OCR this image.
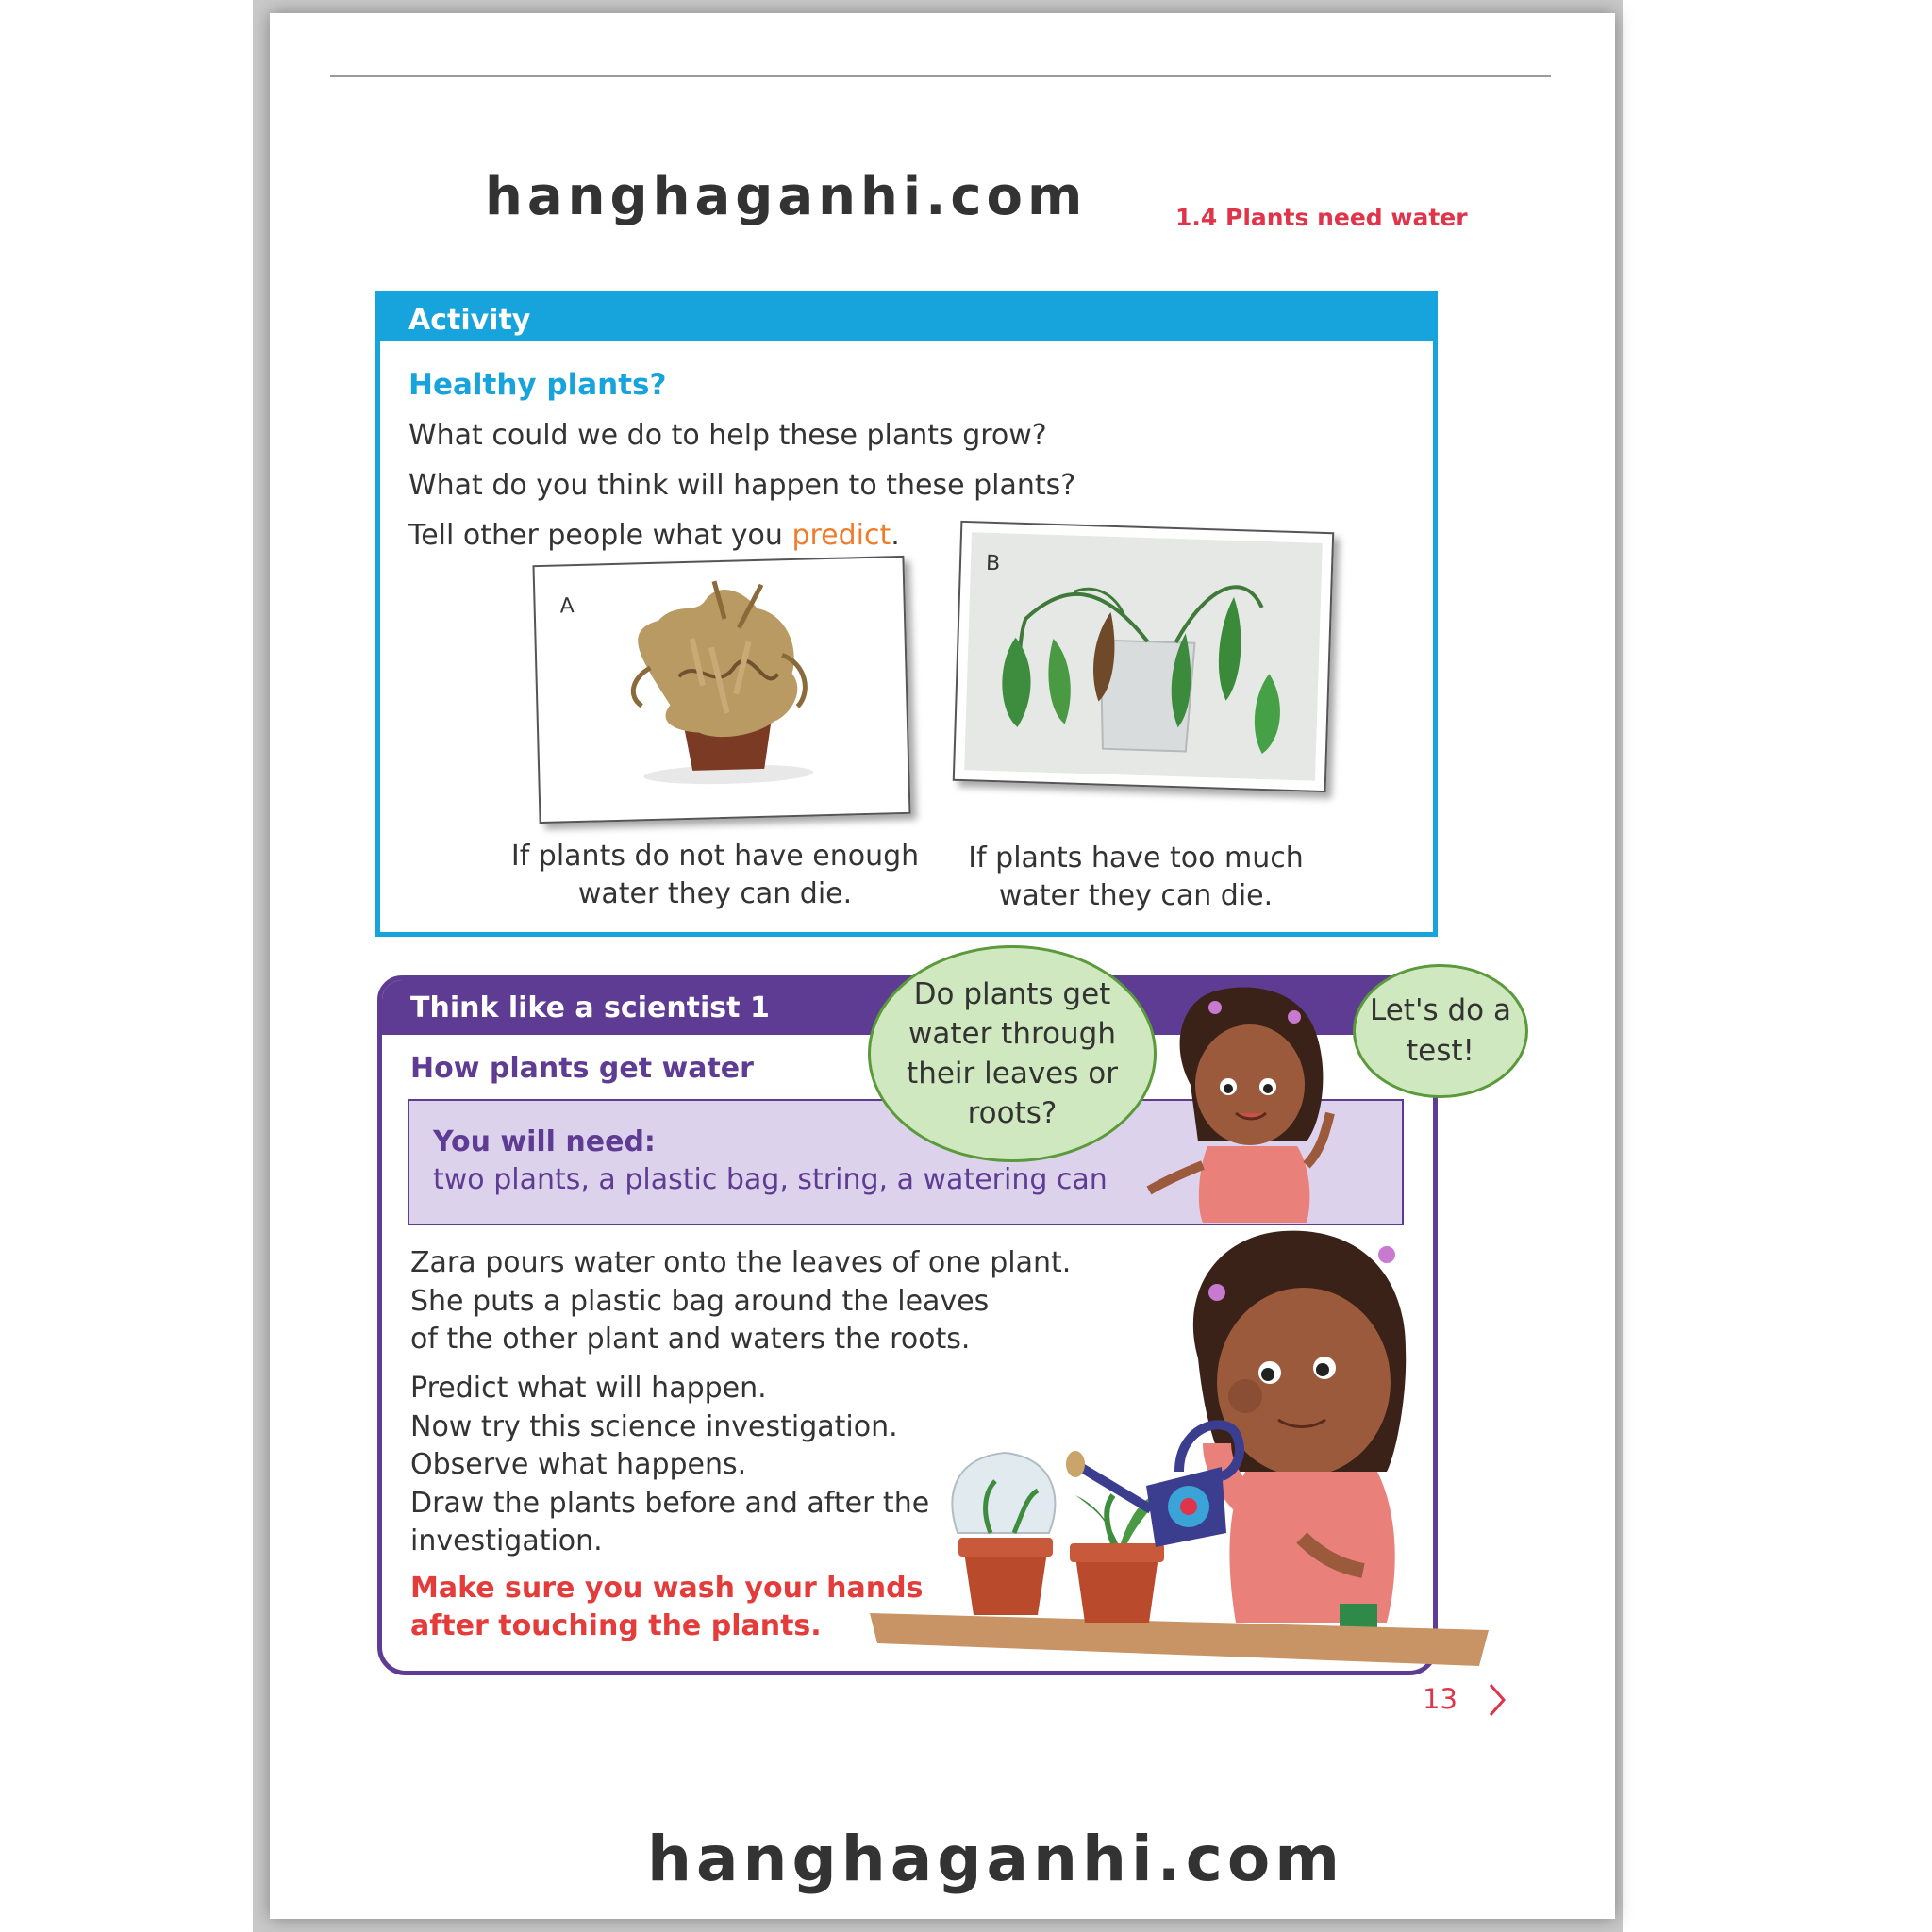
hanghaganhi.com	1.4 Plants need water
Activity
Healthy plants?
What could we do to help these plants grow?
What do you think will happen to these plants?
Tell other people what you predict.
A
B
If plants do not have enough water they can die.
If plants have too much water they can die.
Think like a scientist 1
How plants get water
You will need:
two plants, a plastic bag, string, a watering can
Zara pours water onto the leaves of one plant.
She puts a plastic bag around the leaves
of the other plant and waters the roots.
Predict what will happen.
Now try this science investigation.
Observe what happens.
Draw the plants before and after the
investigation.
Make sure you wash your hands
after touching the plants.
Do plants get water through their leaves or roots?
Let's do a test!
13
hanghaganhi.com
